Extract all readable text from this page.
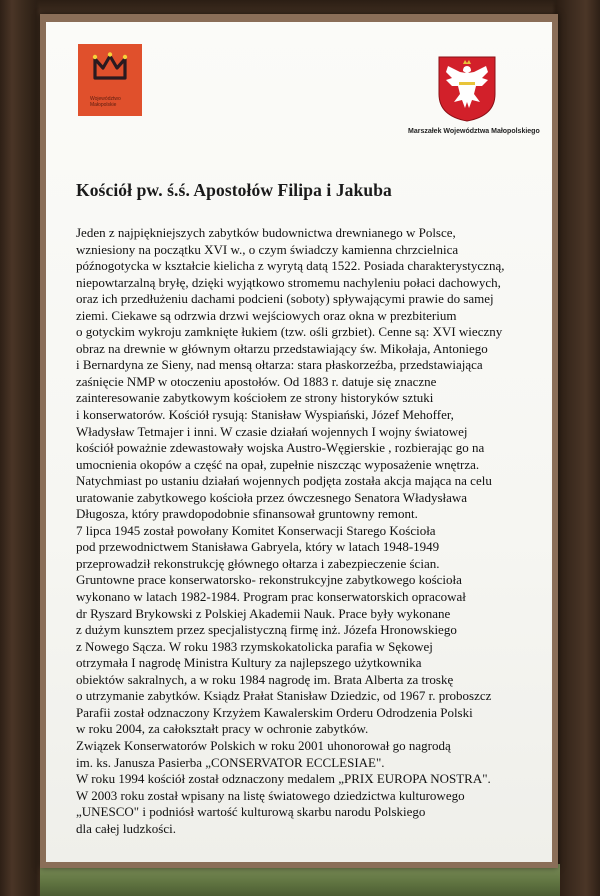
Województwo
Małopolskie
Marszałek Województwa Małopolskiego
Kościół pw. ś.ś. Apostołów Filipa i Jakuba
Jeden z najpiękniejszych zabytków budownictwa drewnianego w Polsce,
wzniesiony na początku XVI w., o czym świadczy kamienna chrzcielnica
późnogotycka w kształcie kielicha z wyrytą datą 1522. Posiada charakterystyczną,
niepowtarzalną bryłę, dzięki wyjątkowo stromemu nachyleniu połaci dachowych,
oraz ich przedłużeniu dachami podcieni (soboty) spływającymi prawie do samej
ziemi. Ciekawe są odrzwia drzwi wejściowych oraz okna w prezbiterium
o gotyckim wykroju zamknięte łukiem (tzw. ośli grzbiet). Cenne są: XVI wieczny
obraz na drewnie w głównym ołtarzu przedstawiający św. Mikołaja, Antoniego
i Bernardyna ze Sieny, nad mensą ołtarza: stara płaskorzeźba, przedstawiająca
zaśnięcie NMP w otoczeniu apostołów. Od 1883 r. datuje się znaczne
zainteresowanie zabytkowym kościołem ze strony historyków sztuki
i konserwatorów. Kościół rysują: Stanisław Wyspiański, Józef Mehoffer,
Władysław Tetmajer i inni. W czasie działań wojennych I wojny światowej
kościół poważnie zdewastowały wojska Austro-Węgierskie , rozbierając go na
umocnienia okopów a część na opał, zupełnie niszcząc wyposażenie wnętrza.
Natychmiast po ustaniu działań wojennych podjęta została akcja mająca na celu
uratowanie zabytkowego kościoła przez ówczesnego Senatora Władysława
Długosza, który prawdopodobnie sfinansował gruntowny remont.
7 lipca 1945 został powołany Komitet Konserwacji Starego Kościoła
pod przewodnictwem Stanisława Gabryela, który w latach 1948-1949
przeprowadził rekonstrukcję głównego ołtarza i zabezpieczenie ścian.
Gruntowne prace konserwatorsko- rekonstrukcyjne zabytkowego kościoła
wykonano w latach 1982-1984. Program prac konserwatorskich opracował
dr Ryszard Brykowski z Polskiej Akademii Nauk. Prace były wykonane
z dużym kunsztem przez specjalistyczną firmę inż. Józefa Hronowskiego
z Nowego Sącza. W roku 1983 rzymskokatolicka parafia w Sękowej
otrzymała I nagrodę Ministra Kultury za najlepszego użytkownika
obiektów sakralnych, a w roku 1984 nagrodę im. Brata Alberta za troskę
o utrzymanie zabytków. Ksiądz Prałat Stanisław Dziedzic, od 1967 r. proboszcz
Parafii został odznaczony Krzyżem Kawalerskim Orderu Odrodzenia Polski
w roku 2004, za całokształt pracy w ochronie zabytków.
Związek Konserwatorów Polskich w roku 2001 uhonorował go nagrodą
im. ks. Janusza Pasierba „CONSERVATOR ECCLESIAE".
W roku 1994 kościół został odznaczony medalem „PRIX EUROPA NOSTRA".
W 2003 roku został wpisany na listę światowego dziedzictwa kulturowego
„UNESCO" i podniósł wartość kulturową skarbu narodu Polskiego
dla całej ludzkości.
